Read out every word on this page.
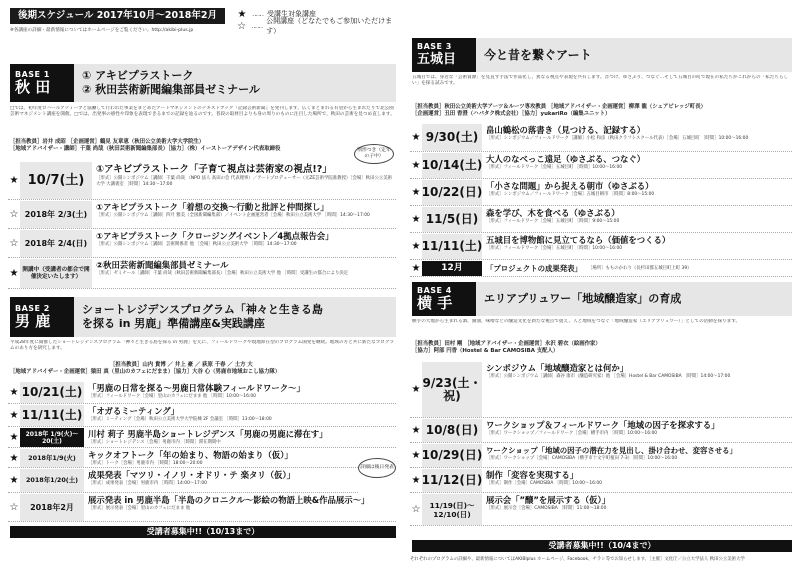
後期スケジュール 2017年10月〜2018年2月
※各講座の詳細・最新情報についてはホームページをご覧ください。http://akibi-plus.jp
★ ‥‥‥ 受講生対象講座
☆ ‥‥‥
公開講座（どなたでもご参加いただけます）
BASE 1
秋 田
① アキビプラストーク
② 秋田芸術新聞編集部員ゼミナール
□では、初年度ロハールアティーブと協働して行われた事業をまとめたアートマネジメントのテキストブック『記録芸術新聞』を発刊します。広くまとまれる有望から生まれたりで北公園芸術マネジメント講座を開催。□では、出発事の感性や印象を表現できるまでの記録を辿るのです。普段の取材目よりも身の周りのものに注目した場所で、秋田の芸術を見つめ直します。
［担当教員］岩井 成昭 ［企画運営］鶴見 友章恵（秋田公立美術大学大学院生）
［地域アドバイザー・講師］千葉 尚哉（秋田芸術新聞編集部長）［協力］（株）イーストーアデザイン代表取締役	別形つき（定年の子中）
★ 10/7(土)
①アキビプラストーク「子育て視点は芸術家の視点!?」
［形式］公開シンポジウム［講師］千葉 尚哉 （NPO 法人 高田の会 代表理事）／アートプロデューサー（元ZE芸術学院准教授）［会場］秋田公立美術大学 大講義室 ［時間］14:30〜17:00
☆ 2018年 2/3(土)
①アキビプラストーク「着想の交換～行動と批評と仲間探し」
［形式］公開シンポジウム［講師］四月 雅美（全国新聞編集部）／イベント企画運営者［会場］秋田公立美術大学 ［時間］14:30〜17:00
☆ 2018年 2/4(日)
①アキビプラストーク「クロージングイベント／4拠点報告会」
［形式］公開シンポジウム［講師］芸術関係者 他 ［会場］秋田公立美術大学 ［時間］14:30〜17:00
★ 開講中（受講者の都合で開催決定いたします）
②秋田芸術新聞編集部員ゼミナール
［形式］ゼミナール［講師］千葉 尚哉（秋田芸術新聞編集部長）［会場］秋田公立美術大学 他 ［時間］受講生の都合により決定
BASE 2
男 鹿
ショートレジデンスプログラム「神々と生きる島
を探る in 男鹿」準備講座&実践講座
平成28年度に開催したショートレジデンスプログラム「神々と生きる島を探る in 男鹿」を元に、フィールドワークや現地滞在型のプログラム開発を継続。地域の方と共に新たなプログラムのあり方を研究します。
［担当教員］山内 貴博 ／ 井上 豪 ／ 荻原 千春 ／ 土方 大
［地域アドバイザー・企画運営］猿田 真（里山のカフェにだまま）［協力］大谷 心（男鹿市地域おこし協力隊）
★ 10/21(土) 「男鹿の日常を探る～男鹿日常体験フィールドワーク～」
［形式］フィールドワーク［会場］里山のカフェにだまま 他 ［時間］10:00〜16:00
★ 11/11(土) 「オガるミーティング」
［形式］ミーティング［会場］秋田公立美術大学大学院棟 2F 会議室 ［時間］13:00〜18:00
★	2018年 1/9(火)〜20(土)
川村 莉子 男鹿半島ショートレジデンス「男鹿の男鹿に滞在す」
［形式］ショートレジデンス［会場］男鹿市内 ［時間］滞在期間中
★	2018年1/9(火)	キックオフトーク「年の始まり、物語の始まり（仮）」
［形式］トーク［会場］男鹿市内 ［時間］18:00〜20:00
★	2018年1/20(土)	成果発表「マツリ・イノリ・オドリ・テ 楽タリ（仮）」
［形式］成果発表［会場］男鹿市内 ［時間］14:00〜17:00
詳細は後日発表
☆	2018年2月
展示発表 in 男鹿半島「半島のクロニクル～影絵の物語上映&作品展示～」
［形式］展示発表［会場］里山のカフェにだまま 他
受講者募集中!!（10/13まで）
BASE 3
五城目	今と昔を繋ぐアート
五城目では、身近な「芸術資源」を見直す手法で作品化し、異なる視点や表現を共有します。昔つけ、ゆさぶり、つなぐ…そして五城目の町で現在の私たちがこれからの「私たちらしい」を探る試みです。
［担当教員］秋田公立美術大学アーツ＆ルーツ専攻教員 ［地域アドバイザー・企画運営］柳澤 龍（シェアビレッジ町長）
［企画運営］丑田 香澄（ハバタク株式会社）［協力］yukariRo（編集ユニット）
★ 9/30(土) 畠山鶴松の落書き（見つける、記録する）
［形式］シンポジウム／フィールドワーク［講師］小松 和彦（秋田クラフトスクール代表）［会場］五城目町 ［時間］10:00〜16:00
★ 10/14(土) 大人のなべっこ遠足（ゆさぶる、つなぐ）
［形式］フィールドワーク［会場］五城目町 ［時間］10:00〜16:00
★ 10/22(日) 「小さな問題」から捉える朝市（ゆさぶる）
［形式］シンポジウム／フィールドワーク［会場］五城目朝市 ［時間］8:00〜15:00
★ 11/5(日) 森を学び、木を食べる（ゆさぶる）
［形式］フィールドワーク［会場］五城目町 ［時間］9:00〜15:00
★ 11/11(土) 五城目を博物館に見立てるなら（価値をつくる）
［形式］フィールドワーク［会場］五城目町 ［時間］10:00〜16:00
★	12月	「プロジェクトの成果発表」 ［場所］もものかわり（長杉田郡五城目町上町 39）
BASE 4
横 手	エリアプリュワー「地域醸造家」の育成
横手の大地から生まれる酒、醤油、味噌などの醸造文化を新たな視点で捉え、人と地域をつなぐ「地域醸造家（エリアプリュワー）」としての活動を探ります。
［担当教員］田村 剛 ［地域アドバイザー・企画運営］永沢 碧衣（絵画作家）
［協力］阿部 円香（Hostel & Bar CAMOSIBA 支配人）
★ 9/23(土・祝)
シンポジウム「地域醸造家とは何か」
［形式］公開シンポジウム［講師］森谷 康市（醸造研究家）他 ［会場］Hostel & Bar CAMOSIBA ［時間］14:00〜17:00
★ 10/8(日) ワークショップ＆フィールドワーク「地域の因子を探求する」
［形式］ワークショップ／フィールドワーク［会場］横手市内 ［時間］10:00〜16:00
★ 10/29(日) ワークショップ「地域の因子の潜在力を見出し、掛け合わせ、変容させる」
［形式］ワークショップ［会場］CAMOSIBA（横手市十文字町植田 7-3）［時間］10:00〜16:00
★ 11/12(日) 制作「変容を実現する」
［形式］制作［会場］CAMOSIBA ［時間］10:00〜16:00
☆	11/19(日)〜12/10(日)
展示会「”醸”を展示する（仮）」
［形式］展示会［会場］CAMOSIBA ［時間］11:00〜18:00
受講者募集中!!（10/4まで）
それぞれのプログラムの詳細や、最新情報についてはAKIBIplus ホームページ、Facebook、チラシ等でお知らせします。［主催］文化庁／公立大学法人 秋田公立美術大学
